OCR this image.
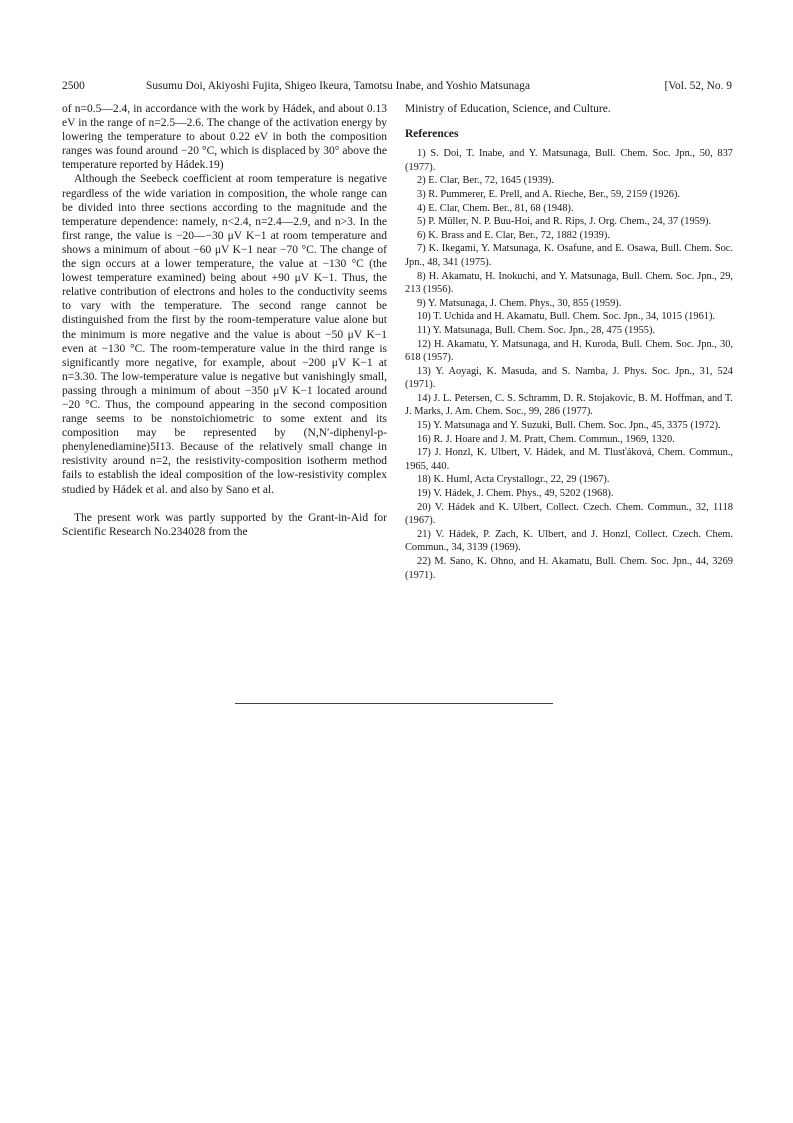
2500	Susumu Doi, Akiyoshi Fujita, Shigeo Ikeura, Tamotsu Inabe, and Yoshio Matsunaga	[Vol. 52, No. 9

of n=0.5—2.4, in accordance with the work by Hádek, and about 0.13 eV in the range of n=2.5—2.6. The change of the activation energy by lowering the temperature to about 0.22 eV in both the composition ranges was found around −20 °C, which is displaced by 30° above the temperature reported by Hádek.19)

Although the Seebeck coefficient at room temperature is negative regardless of the wide variation in composition, the whole range can be divided into three sections according to the magnitude and the temperature dependence: namely, n<2.4, n=2.4—2.9, and n>3. In the first range, the value is −20—−30 μV K−1 at room temperature and shows a minimum of about −60 μV K−1 near −70 °C. The change of the sign occurs at a lower temperature, the value at −130 °C (the lowest temperature examined) being about +90 μV K−1. Thus, the relative contribution of electrons and holes to the conductivity seems to vary with the temperature. The second range cannot be distinguished from the first by the room-temperature value alone but the minimum is more negative and the value is about −50 μV K−1 even at −130 °C. The room-temperature value in the third range is significantly more negative, for example, about −200 μV K−1 at n=3.30. The low-temperature value is negative but vanishingly small, passing through a minimum of about −350 μV K−1 located around −20 °C. Thus, the compound appearing in the second composition range seems to be nonstoichiometric to some extent and its composition may be represented by (N,N′-diphenyl-p-phenylenediamine)5I13. Because of the relatively small change in resistivity around n=2, the resistivity-composition isotherm method fails to establish the ideal composition of the low-resistivity complex studied by Hádek et al. and also by Sano et al.

The present work was partly supported by the Grant-in-Aid for Scientific Research No.234028 from the

Ministry of Education, Science, and Culture.

References

1) S. Doi, T. Inabe, and Y. Matsunaga, Bull. Chem. Soc. Jpn., 50, 837 (1977).

2) E. Clar, Ber., 72, 1645 (1939).

3) R. Pummerer, E. Prell, and A. Rieche, Ber., 59, 2159 (1926).

4) E. Clar, Chem. Ber., 81, 68 (1948).

5) P. Müller, N. P. Buu-Hoi, and R. Rips, J. Org. Chem., 24, 37 (1959).

6) K. Brass and E. Clar, Ber., 72, 1882 (1939).

7) K. Ikegami, Y. Matsunaga, K. Osafune, and E. Osawa, Bull. Chem. Soc. Jpn., 48, 341 (1975).

8) H. Akamatu, H. Inokuchi, and Y. Matsunaga, Bull. Chem. Soc. Jpn., 29, 213 (1956).

9) Y. Matsunaga, J. Chem. Phys., 30, 855 (1959).

10) T. Uchida and H. Akamatu, Bull. Chem. Soc. Jpn., 34, 1015 (1961).

11) Y. Matsunaga, Bull. Chem. Soc. Jpn., 28, 475 (1955).

12) H. Akamatu, Y. Matsunaga, and H. Kuroda, Bull. Chem. Soc. Jpn., 30, 618 (1957).

13) Y. Aoyagi, K. Masuda, and S. Namba, J. Phys. Soc. Jpn., 31, 524 (1971).

14) J. L. Petersen, C. S. Schramm, D. R. Stojakovic, B. M. Hoffman, and T. J. Marks, J. Am. Chem. Soc., 99, 286 (1977).

15) Y. Matsunaga and Y. Suzuki, Bull. Chem. Soc. Jpn., 45, 3375 (1972).

16) R. J. Hoare and J. M. Pratt, Chem. Commun., 1969, 1320.

17) J. Honzl, K. Ulbert, V. Hádek, and M. Tlusťáková, Chem. Commun., 1965, 440.

18) K. Huml, Acta Crystallogr., 22, 29 (1967).

19) V. Hádek, J. Chem. Phys., 49, 5202 (1968).

20) V. Hádek and K. Ulbert, Collect. Czech. Chem. Commun., 32, 1118 (1967).

21) V. Hádek, P. Zach, K. Ulbert, and J. Honzl, Collect. Czech. Chem. Commun., 34, 3139 (1969).

22) M. Sano, K. Ohno, and H. Akamatu, Bull. Chem. Soc. Jpn., 44, 3269 (1971).
